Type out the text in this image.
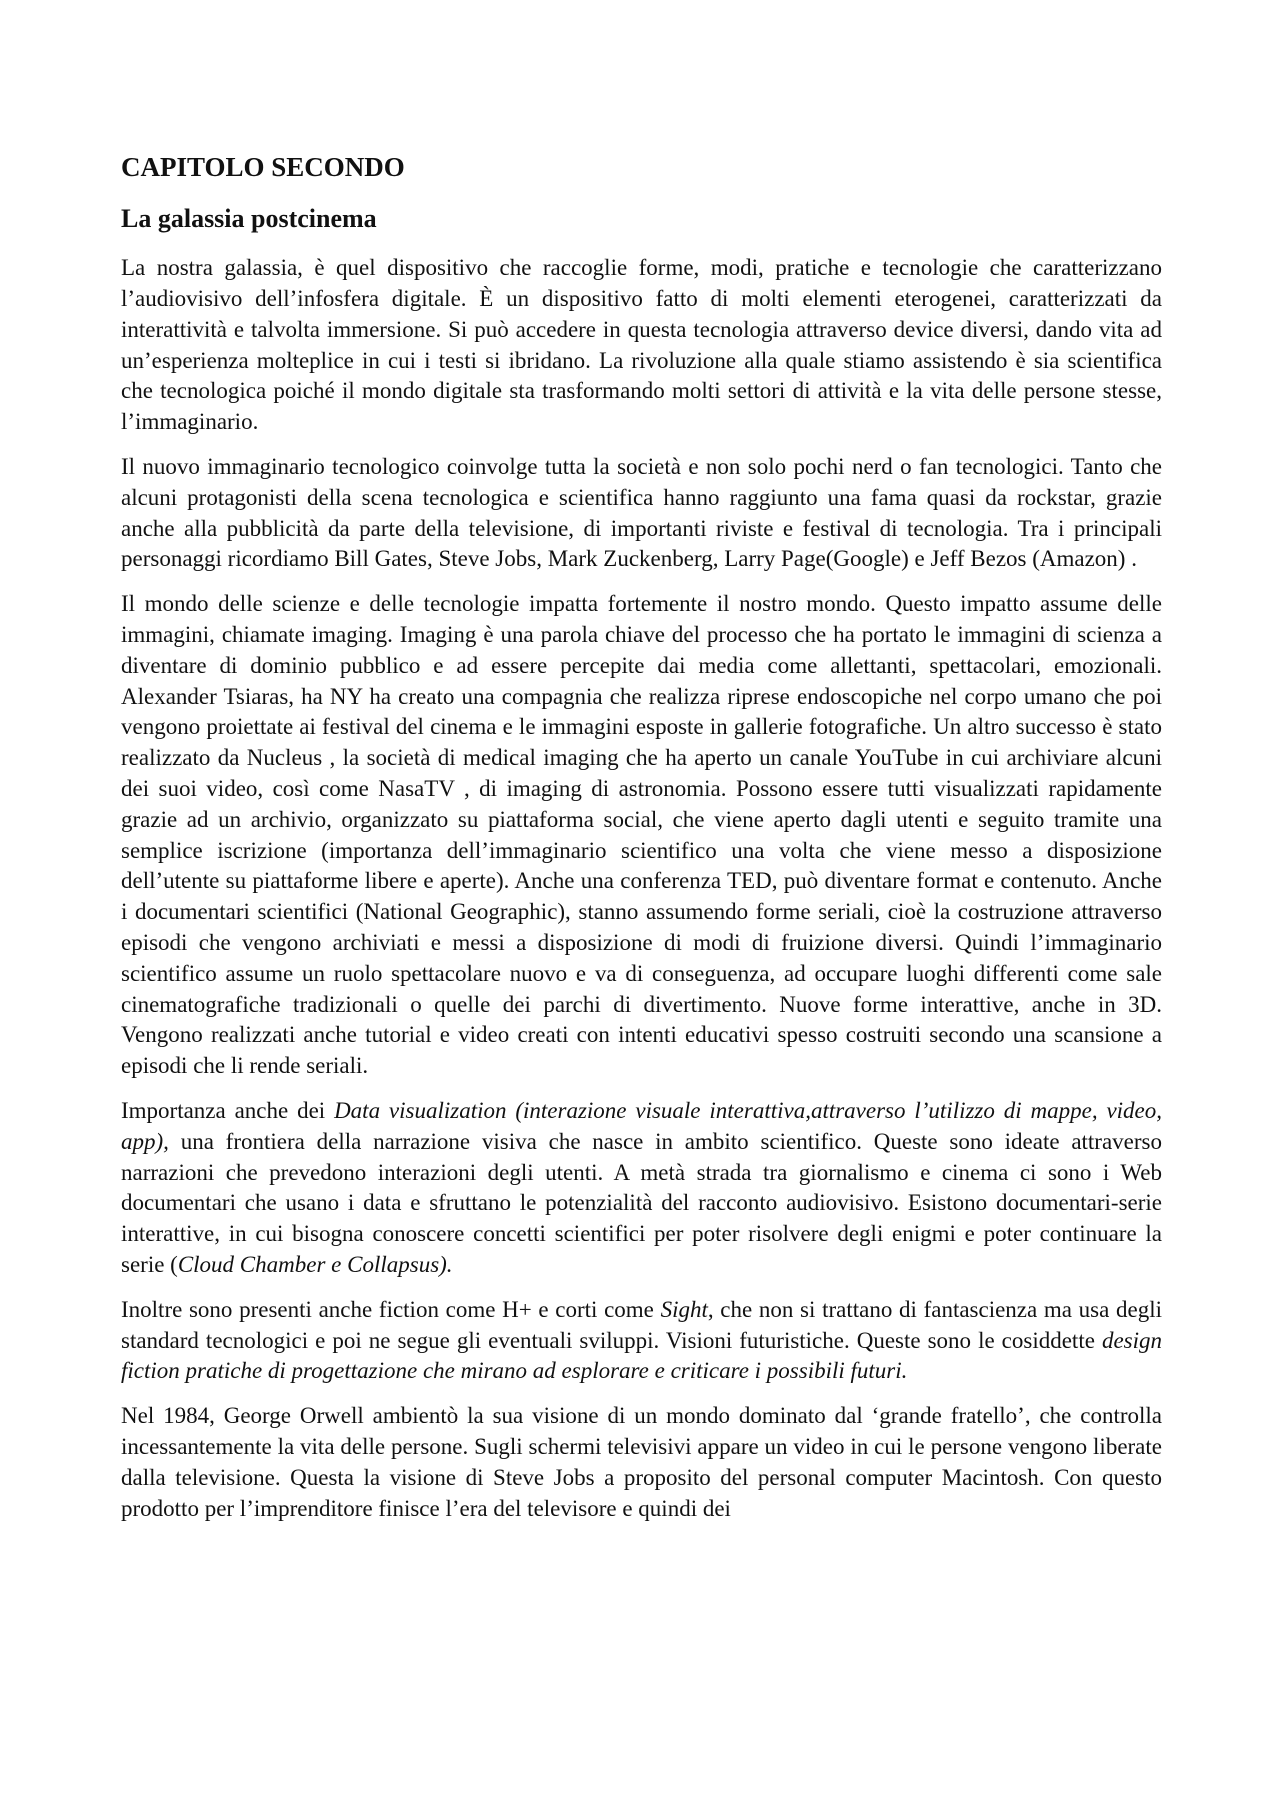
CAPITOLO SECONDO
La galassia postcinema

La nostra galassia, è quel dispositivo che raccoglie forme, modi, pratiche e tecnologie che caratterizzano l’audiovisivo dell’infosfera digitale. È un dispositivo fatto di molti elementi eterogenei, caratterizzati da interattività e talvolta immersione. Si può accedere in questa tecnologia attraverso device diversi, dando vita ad un’esperienza molteplice in cui i testi si ibridano. La rivoluzione alla quale stiamo assistendo è sia scientifica che tecnologica poiché il mondo digitale sta trasformando molti settori di attività e la vita delle persone stesse, l’immaginario.

Il nuovo immaginario tecnologico coinvolge tutta la società e non solo pochi nerd o fan tecnologici. Tanto che alcuni protagonisti della scena tecnologica e scientifica hanno raggiunto una fama quasi da rockstar, grazie anche alla pubblicità da parte della televisione, di importanti riviste e festival di tecnologia. Tra i principali personaggi ricordiamo Bill Gates, Steve Jobs, Mark Zuckenberg, Larry Page(Google) e Jeff Bezos (Amazon) .

Il mondo delle scienze e delle tecnologie impatta fortemente il nostro mondo. Questo impatto assume delle immagini, chiamate imaging. Imaging è una parola chiave del processo che ha portato le immagini di scienza a diventare di dominio pubblico e ad essere percepite dai media come allettanti, spettacolari, emozionali. Alexander Tsiaras, ha NY ha creato una compagnia che realizza riprese endoscopiche nel corpo umano che poi vengono proiettate ai festival del cinema e le immagini esposte in gallerie fotografiche. Un altro successo è stato realizzato da Nucleus , la società di medical imaging che ha aperto un canale YouTube in cui archiviare alcuni dei suoi video, così come NasaTV , di imaging di astronomia. Possono essere tutti visualizzati rapidamente grazie ad un archivio, organizzato su piattaforma social, che viene aperto dagli utenti e seguito tramite una semplice iscrizione (importanza dell’immaginario scientifico una volta che viene messo a disposizione dell’utente su piattaforme libere e aperte). Anche una conferenza TED, può diventare format e contenuto. Anche i documentari scientifici (National Geographic), stanno assumendo forme seriali, cioè la costruzione attraverso episodi che vengono archiviati e messi a disposizione di modi di fruizione diversi. Quindi l’immaginario scientifico assume un ruolo spettacolare nuovo e va di conseguenza, ad occupare luoghi differenti come sale cinematografiche tradizionali o quelle dei parchi di divertimento. Nuove forme interattive, anche in 3D. Vengono realizzati anche tutorial e video creati con intenti educativi spesso costruiti secondo una scansione a episodi che li rende seriali.

Importanza anche dei Data visualization (interazione visuale interattiva,attraverso l’utilizzo di mappe, video, app), una frontiera della narrazione visiva che nasce in ambito scientifico. Queste sono ideate attraverso narrazioni che prevedono interazioni degli utenti. A metà strada tra giornalismo e cinema ci sono i Web documentari che usano i data e sfruttano le potenzialità del racconto audiovisivo. Esistono documentari-serie interattive, in cui bisogna conoscere concetti scientifici per poter risolvere degli enigmi e poter continuare la serie (Cloud Chamber e Collapsus).

Inoltre sono presenti anche fiction come H+ e corti come Sight, che non si trattano di fantascienza ma usa degli standard tecnologici e poi ne segue gli eventuali sviluppi. Visioni futuristiche. Queste sono le cosiddette design fiction pratiche di progettazione che mirano ad esplorare e criticare i possibili futuri.

Nel 1984, George Orwell ambientò la sua visione di un mondo dominato dal ‘grande fratello’, che controlla incessantemente la vita delle persone. Sugli schermi televisivi appare un video in cui le persone vengono liberate dalla televisione. Questa la visione di Steve Jobs a proposito del personal computer Macintosh. Con questo prodotto per l’imprenditore finisce l’era del televisore e quindi dei
